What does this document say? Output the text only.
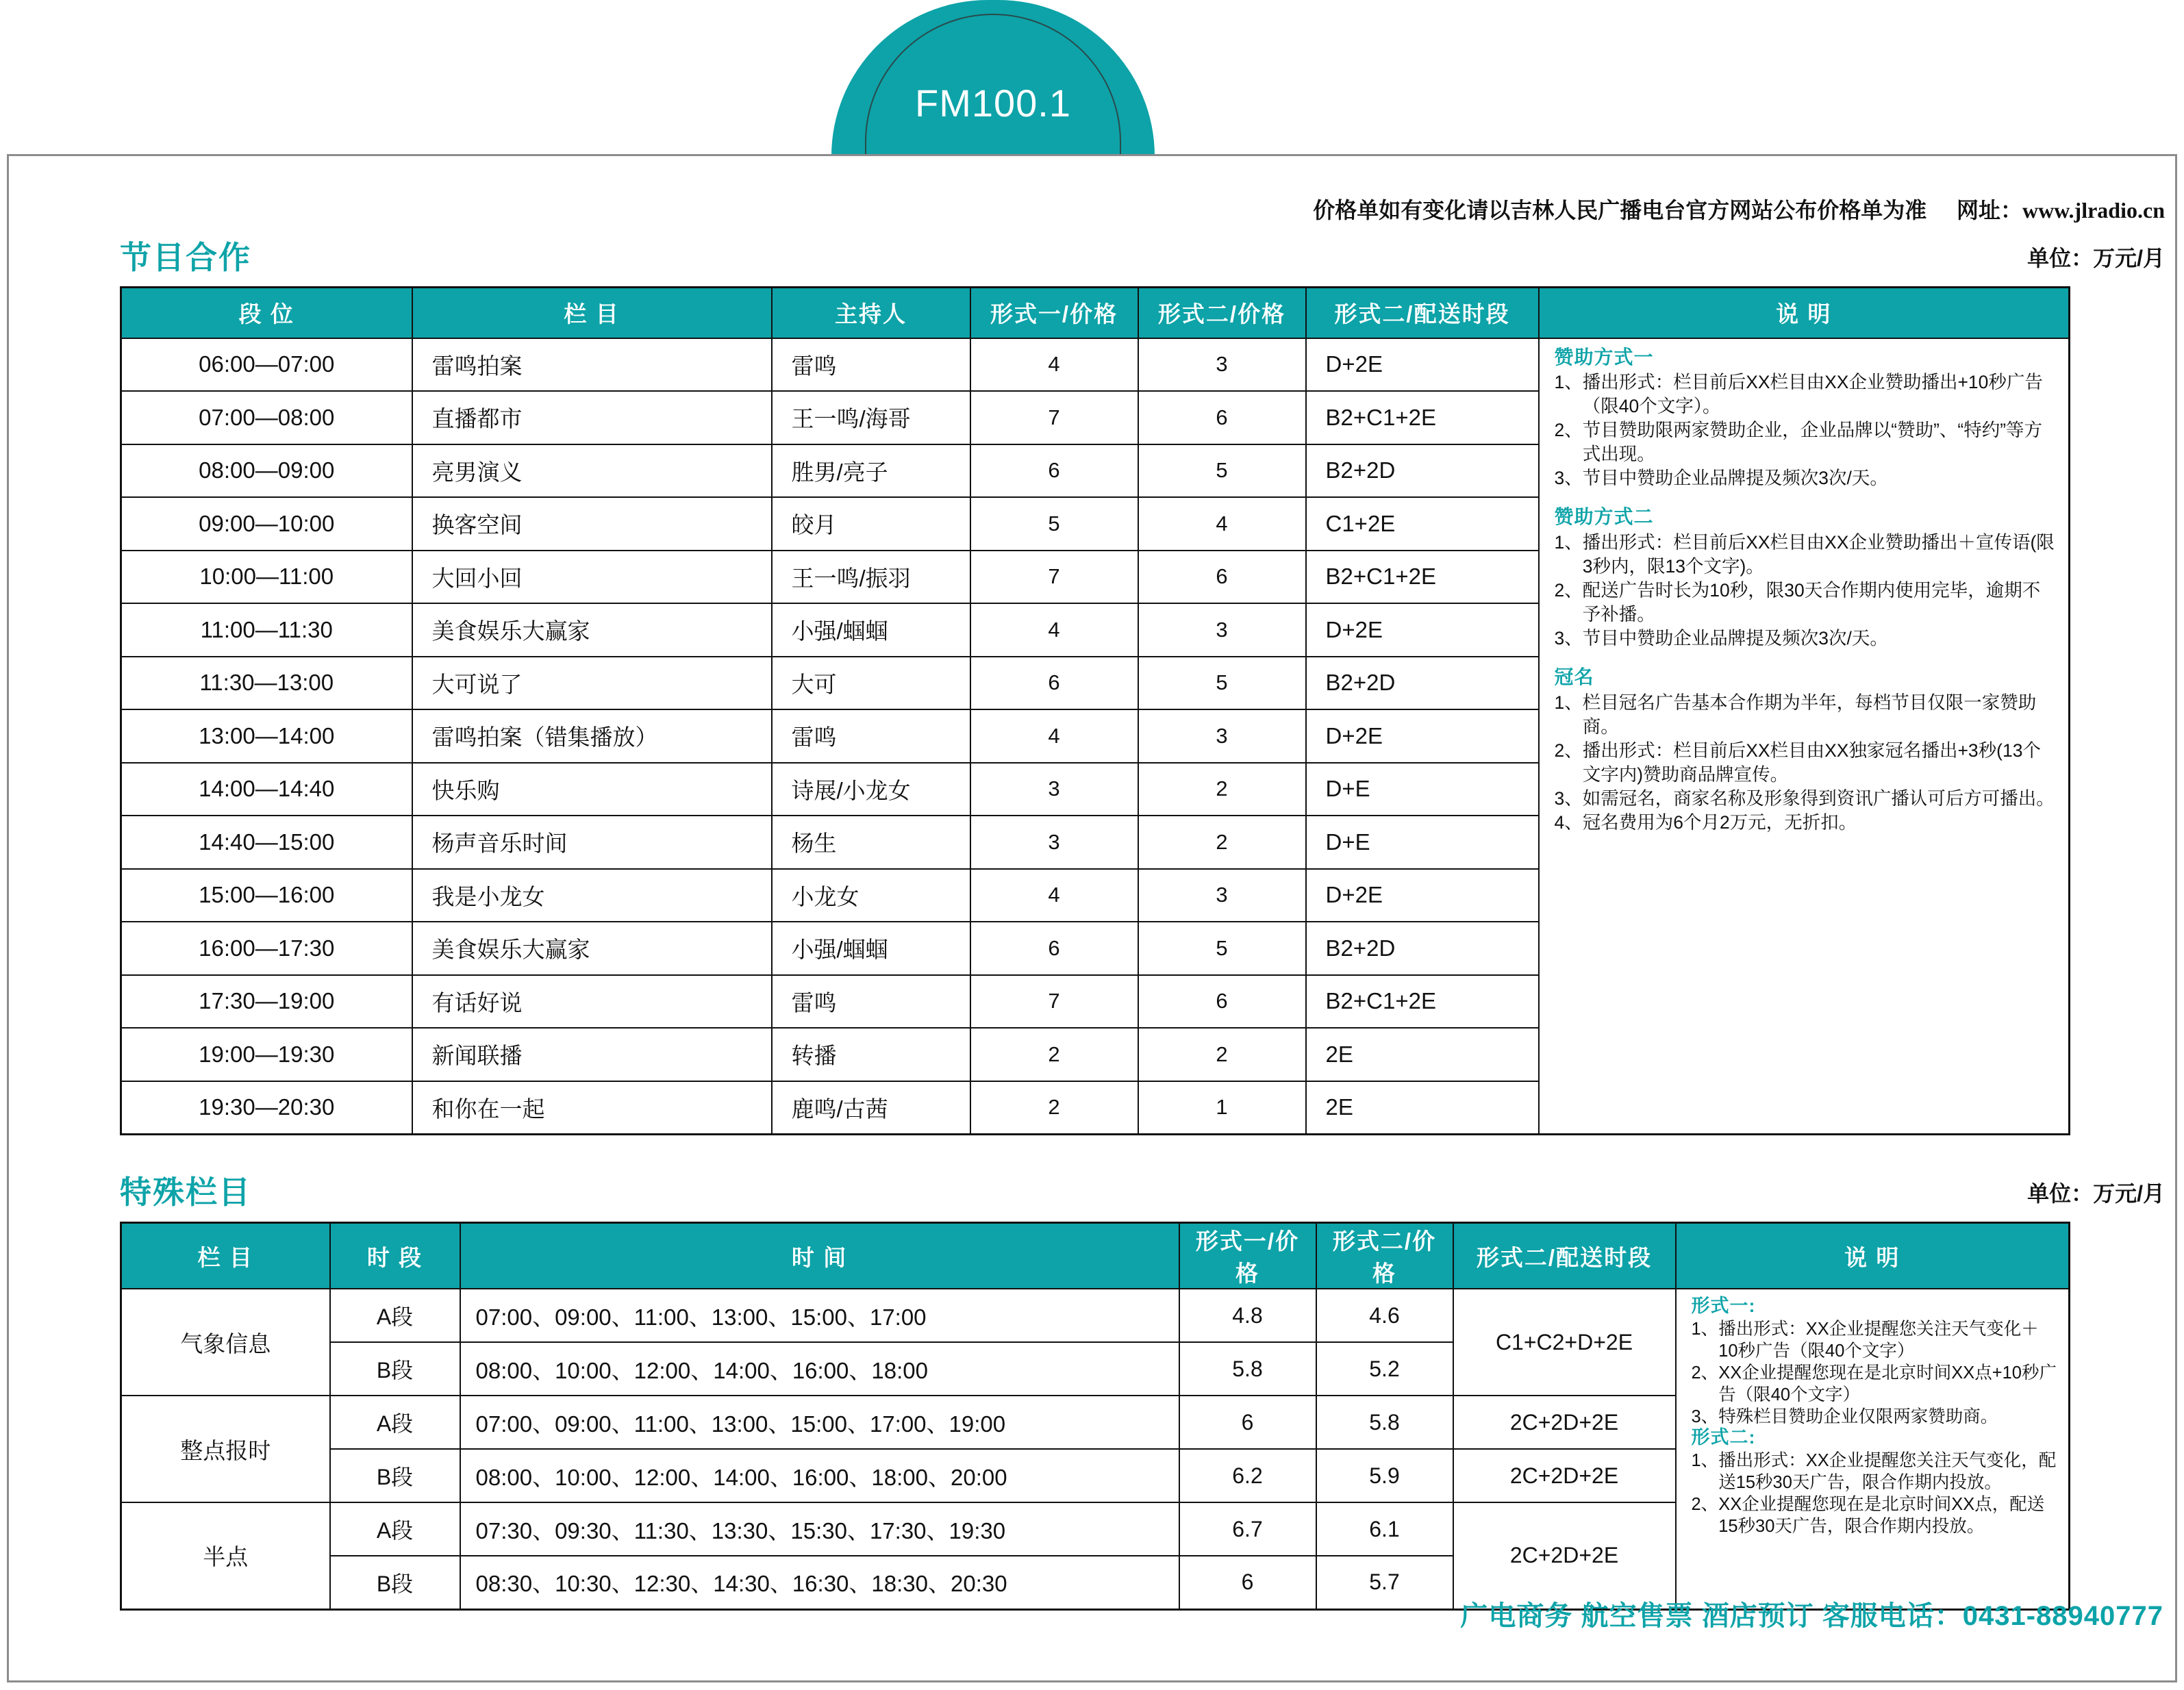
FM100.1
价格单如有变化请以吉林人民广播电台官方网站公布价格单为准 网址：www.jlradio.cn
节目合作	单位：万元/月
段 位	栏 目	主持人	形式一/价格	形式二/价格	形式二/配送时段	说 明
06:00—07:00	雷鸣拍案	雷鸣	4	3	D+2E	赞助方式一
1、 播出形式：栏目前后XX栏目由XX企业赞助播出+10秒广告（限40个文字）。
2、 节目赞助限两家赞助企业，企业品牌以“赞助”、“特约”等方式出现。
3、 节目中赞助企业品牌提及频次3次/天。
赞助方式二
1、 播出形式：栏目前后XX栏目由XX企业赞助播出＋宣传语(限3秒内，限13个文字)。
2、 配送广告时长为10秒，限30天合作期内使用完毕，逾期不予补播。
3、 节目中赞助企业品牌提及频次3次/天。
冠名
1、 栏目冠名广告基本合作期为半年，每档节目仅限一家赞助商。
2、 播出形式：栏目前后XX栏目由XX独家冠名播出+3秒(13个文字内)赞助商品牌宣传。
3、 如需冠名，商家名称及形象得到资讯广播认可后方可播出。
4、 冠名费用为6个月2万元，无折扣。

07:00—08:00	直播都市	王一鸣/海哥	7	6	B2+C1+2E	
08:00—09:00	亮男演义	胜男/亮子	6	5	B2+2D	
09:00—10:00	换客空间	皎月	5	4	C1+2E	
10:00—11:00	大回小回	王一鸣/振羽	7	6	B2+C1+2E	
11:00—11:30	美食娱乐大赢家	小强/蝈蝈	4	3	D+2E	
11:30—13:00	大可说了	大可	6	5	B2+2D	
13:00—14:00	雷鸣拍案（错集播放）	雷鸣	4	3	D+2E	
14:00—14:40	快乐购	诗展/小龙女	3	2	D+E	
14:40—15:00	杨声音乐时间	杨生	3	2	D+E	
15:00—16:00	我是小龙女	小龙女	4	3	D+2E	
16:00—17:30	美食娱乐大赢家	小强/蝈蝈	6	5	B2+2D	
17:30—19:00	有话好说	雷鸣	7	6	B2+C1+2E	
19:00—19:30	新闻联播	转播	2	2	2E	
19:30—20:30	和你在一起	鹿鸣/古茜	2	1	2E	
特殊栏目	单位：万元/月
栏 目	时 段	时 间	形式一/价格	形式二/价格	形式二/配送时段	说 明
气象信息	A段	07:00、09:00、11:00、13:00、15:00、17:00	4.8	4.6	C1+C2+D+2E	
形式一:
1、 播出形式：XX企业提醒您关注天气变化＋10秒广告（限40个文字）
2、 XX企业提醒您现在是北京时间XX点+10秒广告（限40个文字）
3、 特殊栏目赞助企业仅限两家赞助商。
形式二:
1、 播出形式：XX企业提醒您关注天气变化，配送15秒30天广告，限合作期内投放。
2、 XX企业提醒您现在是北京时间XX点，配送15秒30天广告，限合作期内投放。

	B段	08:00、10:00、12:00、14:00、16:00、18:00	5.8	5.2		
整点报时	A段	07:00、09:00、11:00、13:00、15:00、17:00、19:00	6	5.8	2C+2D+2E	
	B段	08:00、10:00、12:00、14:00、16:00、18:00、20:00	6.2	5.9	2C+2D+2E	
半点	A段	07:30、09:30、11:30、13:30、15:30、17:30、19:30	6.7	6.1	2C+2D+2E	
	B段	08:30、10:30、12:30、14:30、16:30、18:30、20:30	6	5.7		
广电商务 航空售票 酒店预订 客服电话：0431-88940777
